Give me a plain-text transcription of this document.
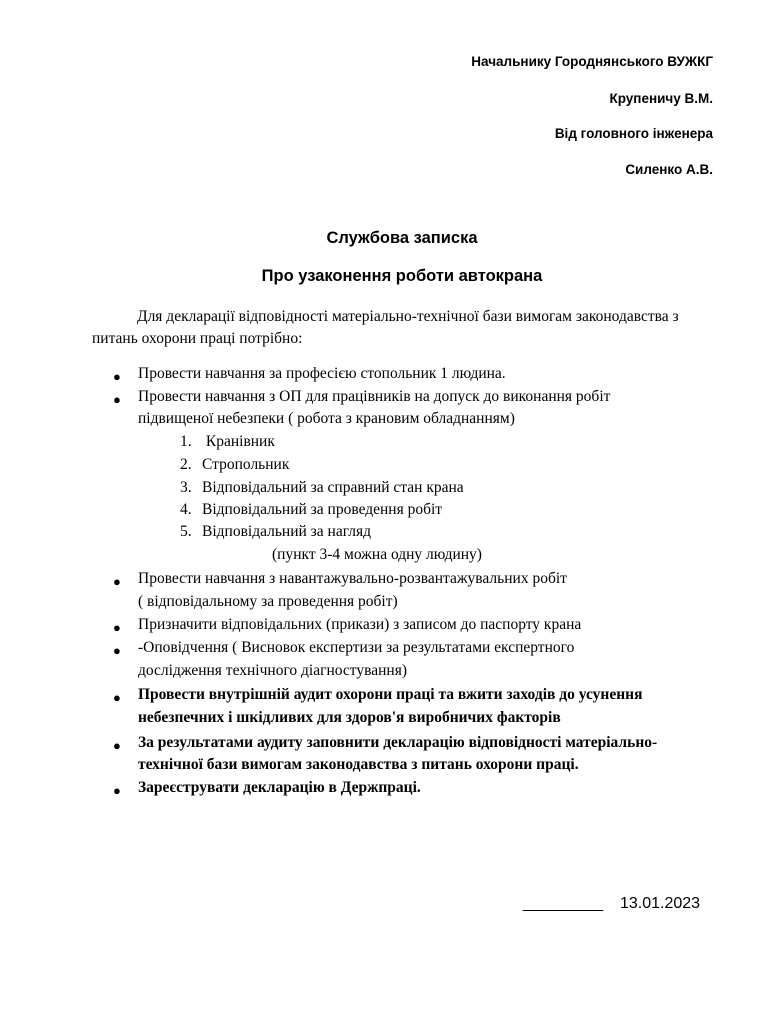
Начальнику Городнянського ВУЖКГ
Крупеничу В.М.
Від головного інженера
Силенко А.В.
Службова записка
Про узаконення роботи автокрана

Для декларації відповідності матеріально-технічної бази вимогам законодавства з питань охорони праці потрібно:

● Провести навчання за професією стопольник 1 людина.
● Провести навчання з ОП для працівників на допуск до виконання робіт
підвищеної небезпеки ( робота з крановим обладнанням)
1. Кранівник
2. Стропольник
3. Відповідальний за справний стан крана
4. Відповідальний за проведення робіт
5. Відповідальний за нагляд
(пункт 3-4 можна одну людину)
● Провести навчання з навантажувально-розвантажувальних робіт
( відповідальному за проведення робіт)
● Призначити відповідальних (прикази) з записом до паспорту крана
● -Оповідчення ( Висновок експертизи за результатами експертного
дослідження технічного діагностування)
● Провести внутрішній аудит охорони праці та вжити заходів до усунення
небезпечних і шкідливих для здоров'я виробничих факторів
● За результатами аудиту заповнити декларацію відповідності матеріально-
технічної бази вимогам законодавства з питань охорони праці.
● Зареєструвати декларацію в Держпраці.
_________ 13.01.2023
